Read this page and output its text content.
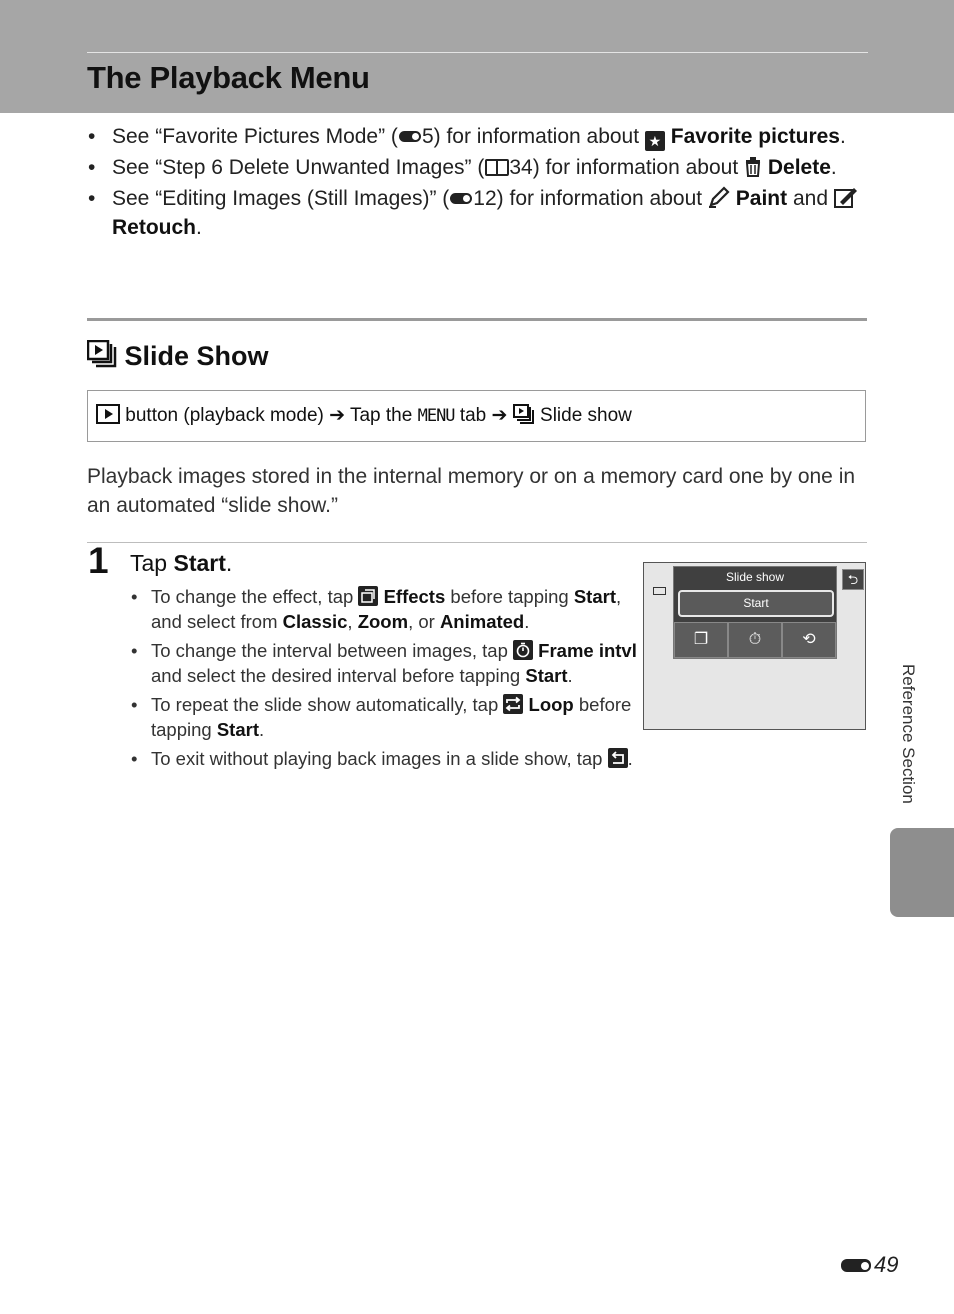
The Playback Menu
• See “Favorite Pictures Mode” ( 5) for information about ★ Favorite pictures.
• See “Step 6 Delete Unwanted Images” ( 34) for information about  Delete.
• See “Editing Images (Still Images)” ( 12) for information about  Paint and  Retouch.
Slide Show
button (playback mode) ➔ Tap the MENU tab ➔ Slide show

Playback images stored in the internal memory or on a memory card one by one in an automated “slide show.”

1 Tap Start.
• To change the effect, tap  Effects before tapping Start, and select from Classic, Zoom, or Animated.
• To change the interval between images, tap  Frame intvl and select the desired interval before tapping Start.
• To repeat the slide show automatically, tap  Loop before tapping Start.
• To exit without playing back images in a slide show, tap .
⮌
Slide show
Start
❐	⏱	⟲
Reference Section
49
